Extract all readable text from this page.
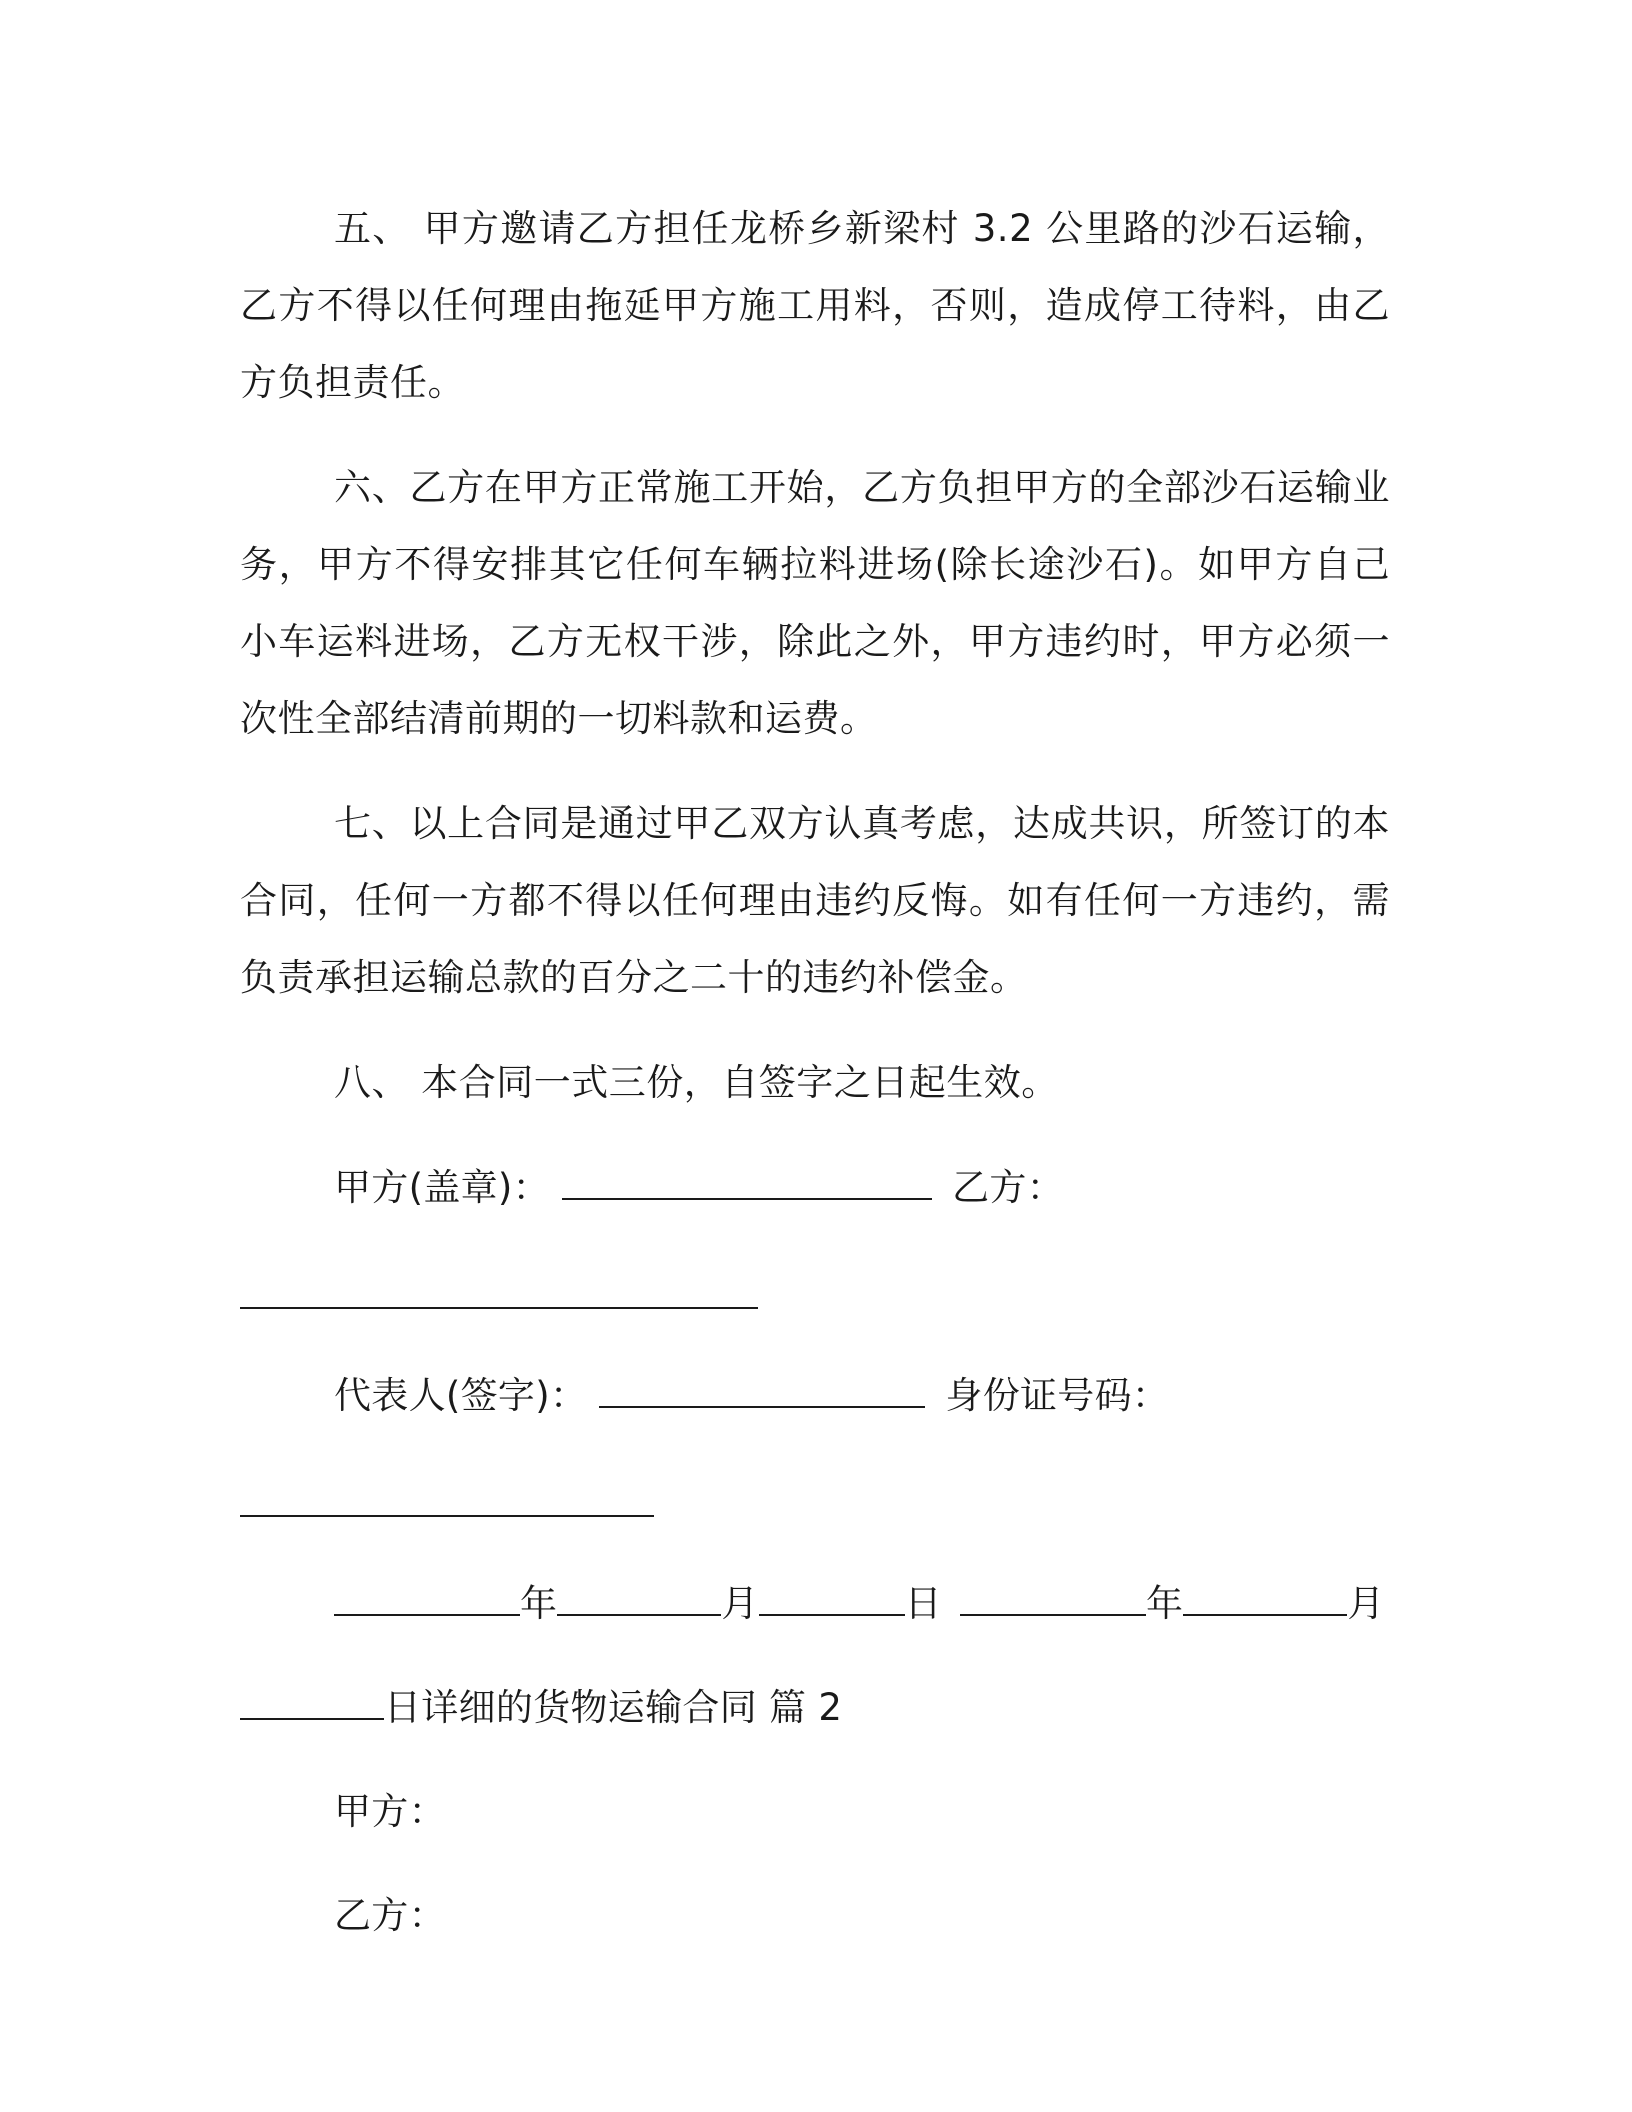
五、 甲方邀请乙方担任龙桥乡新梁村 3.2 公里路的沙石运输，乙方不得以任何理由拖延甲方施工用料，否则，造成停工待料，由乙方负担责任。

六、乙方在甲方正常施工开始，乙方负担甲方的全部沙石运输业务，甲方不得安排其它任何车辆拉料进场(除长途沙石)。如甲方自己小车运料进场，乙方无权干涉，除此之外，甲方违约时，甲方必须一次性全部结清前期的一切料款和运费。

七、以上合同是通过甲乙双方认真考虑，达成共识，所签订的本合同，任何一方都不得以任何理由违约反悔。如有任何一方违约，需负责承担运输总款的百分之二十的违约补偿金。

八、 本合同一式三份，自签字之日起生效。

甲方(盖章)：	乙方：
代表人(签字)：	身份证号码：
年	月	日	年	月
日详细的货物运输合同 篇 2
甲方：
乙方：
